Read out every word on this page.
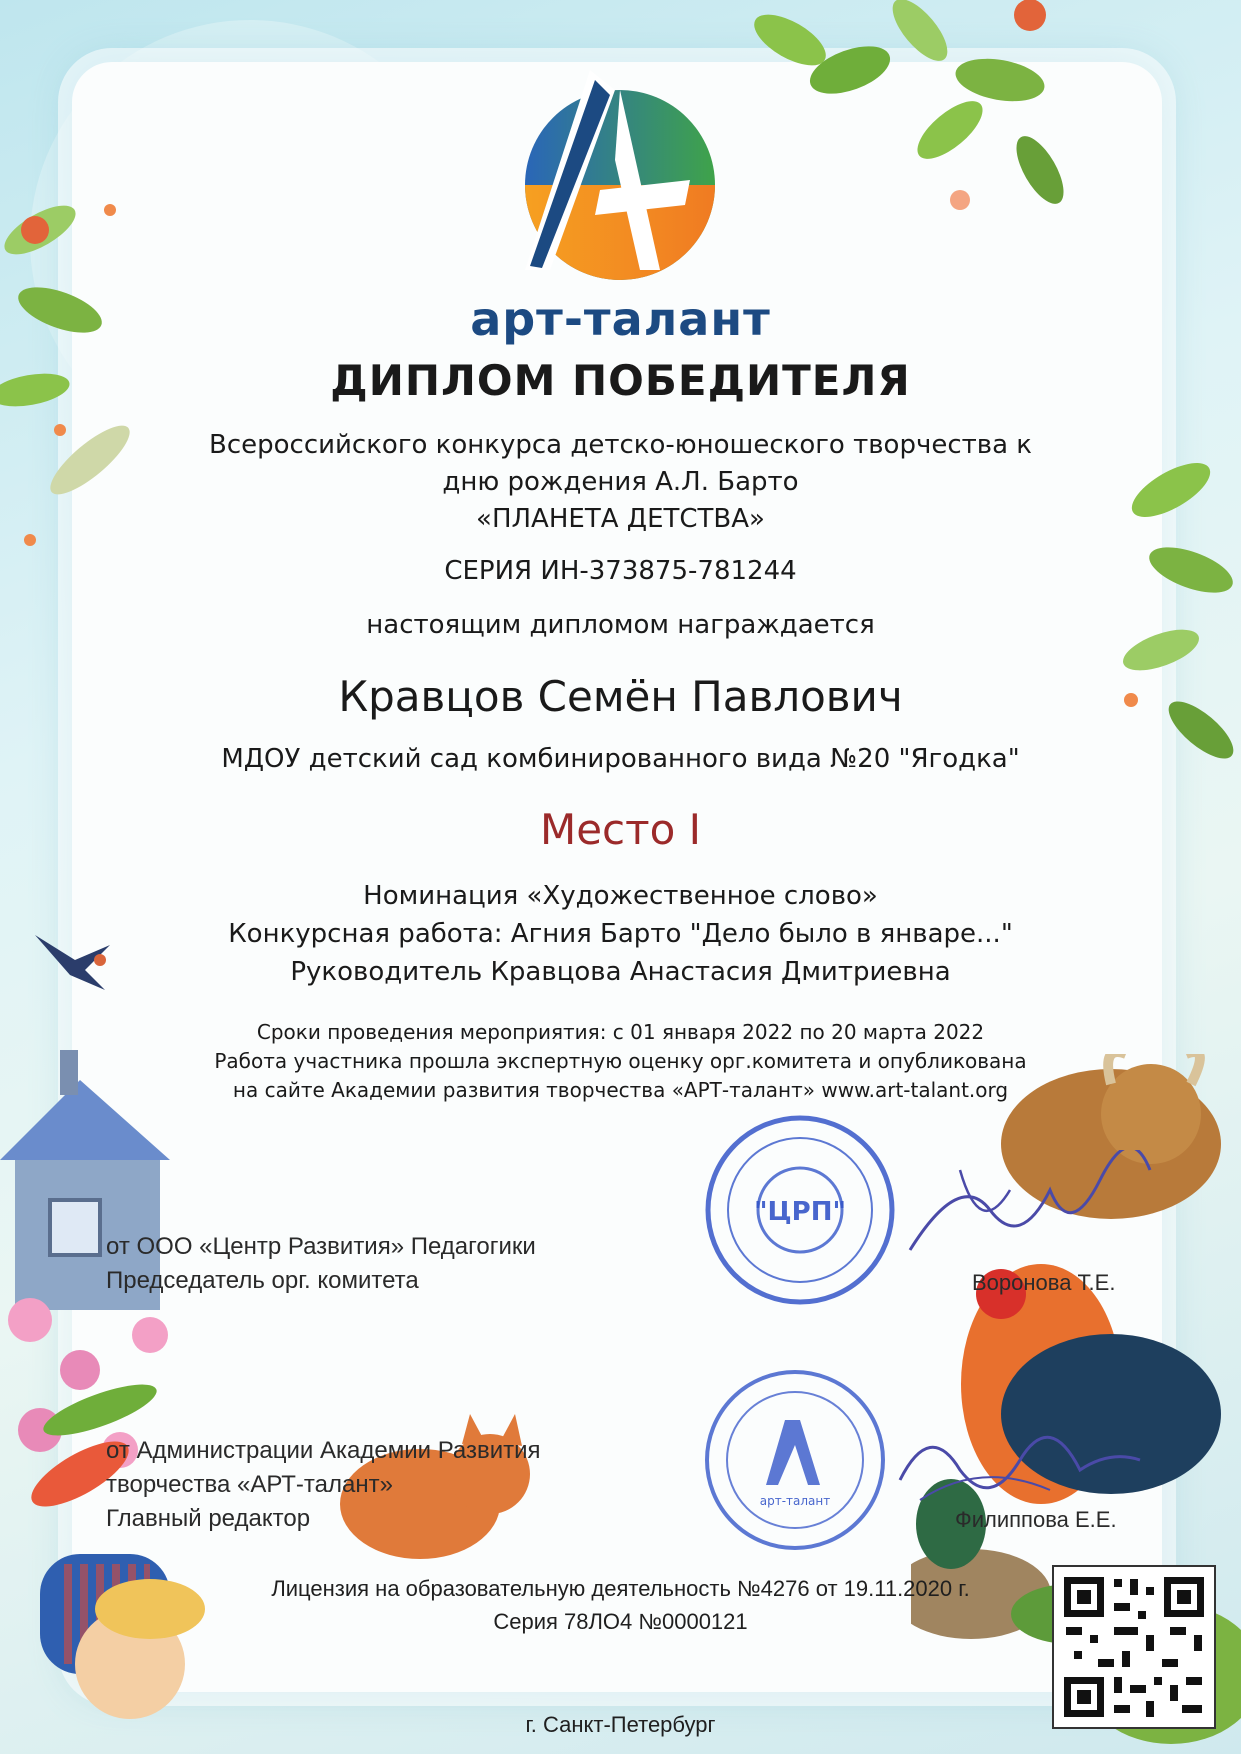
арт-талант
ДИПЛОМ ПОБЕДИТЕЛЯ
Всероссийского конкурса детско-юношеского творчества к
дню рождения А.Л. Барто
«ПЛАНЕТА ДЕТСТВА»
СЕРИЯ ИН-373875-781244
настоящим дипломом награждается
Кравцов Семён Павлович
МДОУ детский сад комбинированного вида №20 "Ягодка"
Место I
Номинация «Художественное слово»
Конкурсная работа: Агния Барто "Дело было в январе..."
Руководитель Кравцова Анастасия Дмитриевна
Сроки проведения мероприятия: с 01 января 2022 по 20 марта 2022
Работа участника прошла экспертную оценку орг.комитета и опубликована
на сайте Академии развития творчества «АРТ-талант» www.art-talant.org
от ООО «Центр Развития» Педагогики
Председатель орг. комитета
"ЦРП"
Воронова Т.Е.
от Администрации Академии Развития
творчества «АРТ-талант»
Главный редактор
арт-талант
Филиппова Е.Е.
Лицензия на образовательную деятельность №4276 от 19.11.2020 г.
Серия 78ЛО4 №0000121
г. Санкт-Петербург
